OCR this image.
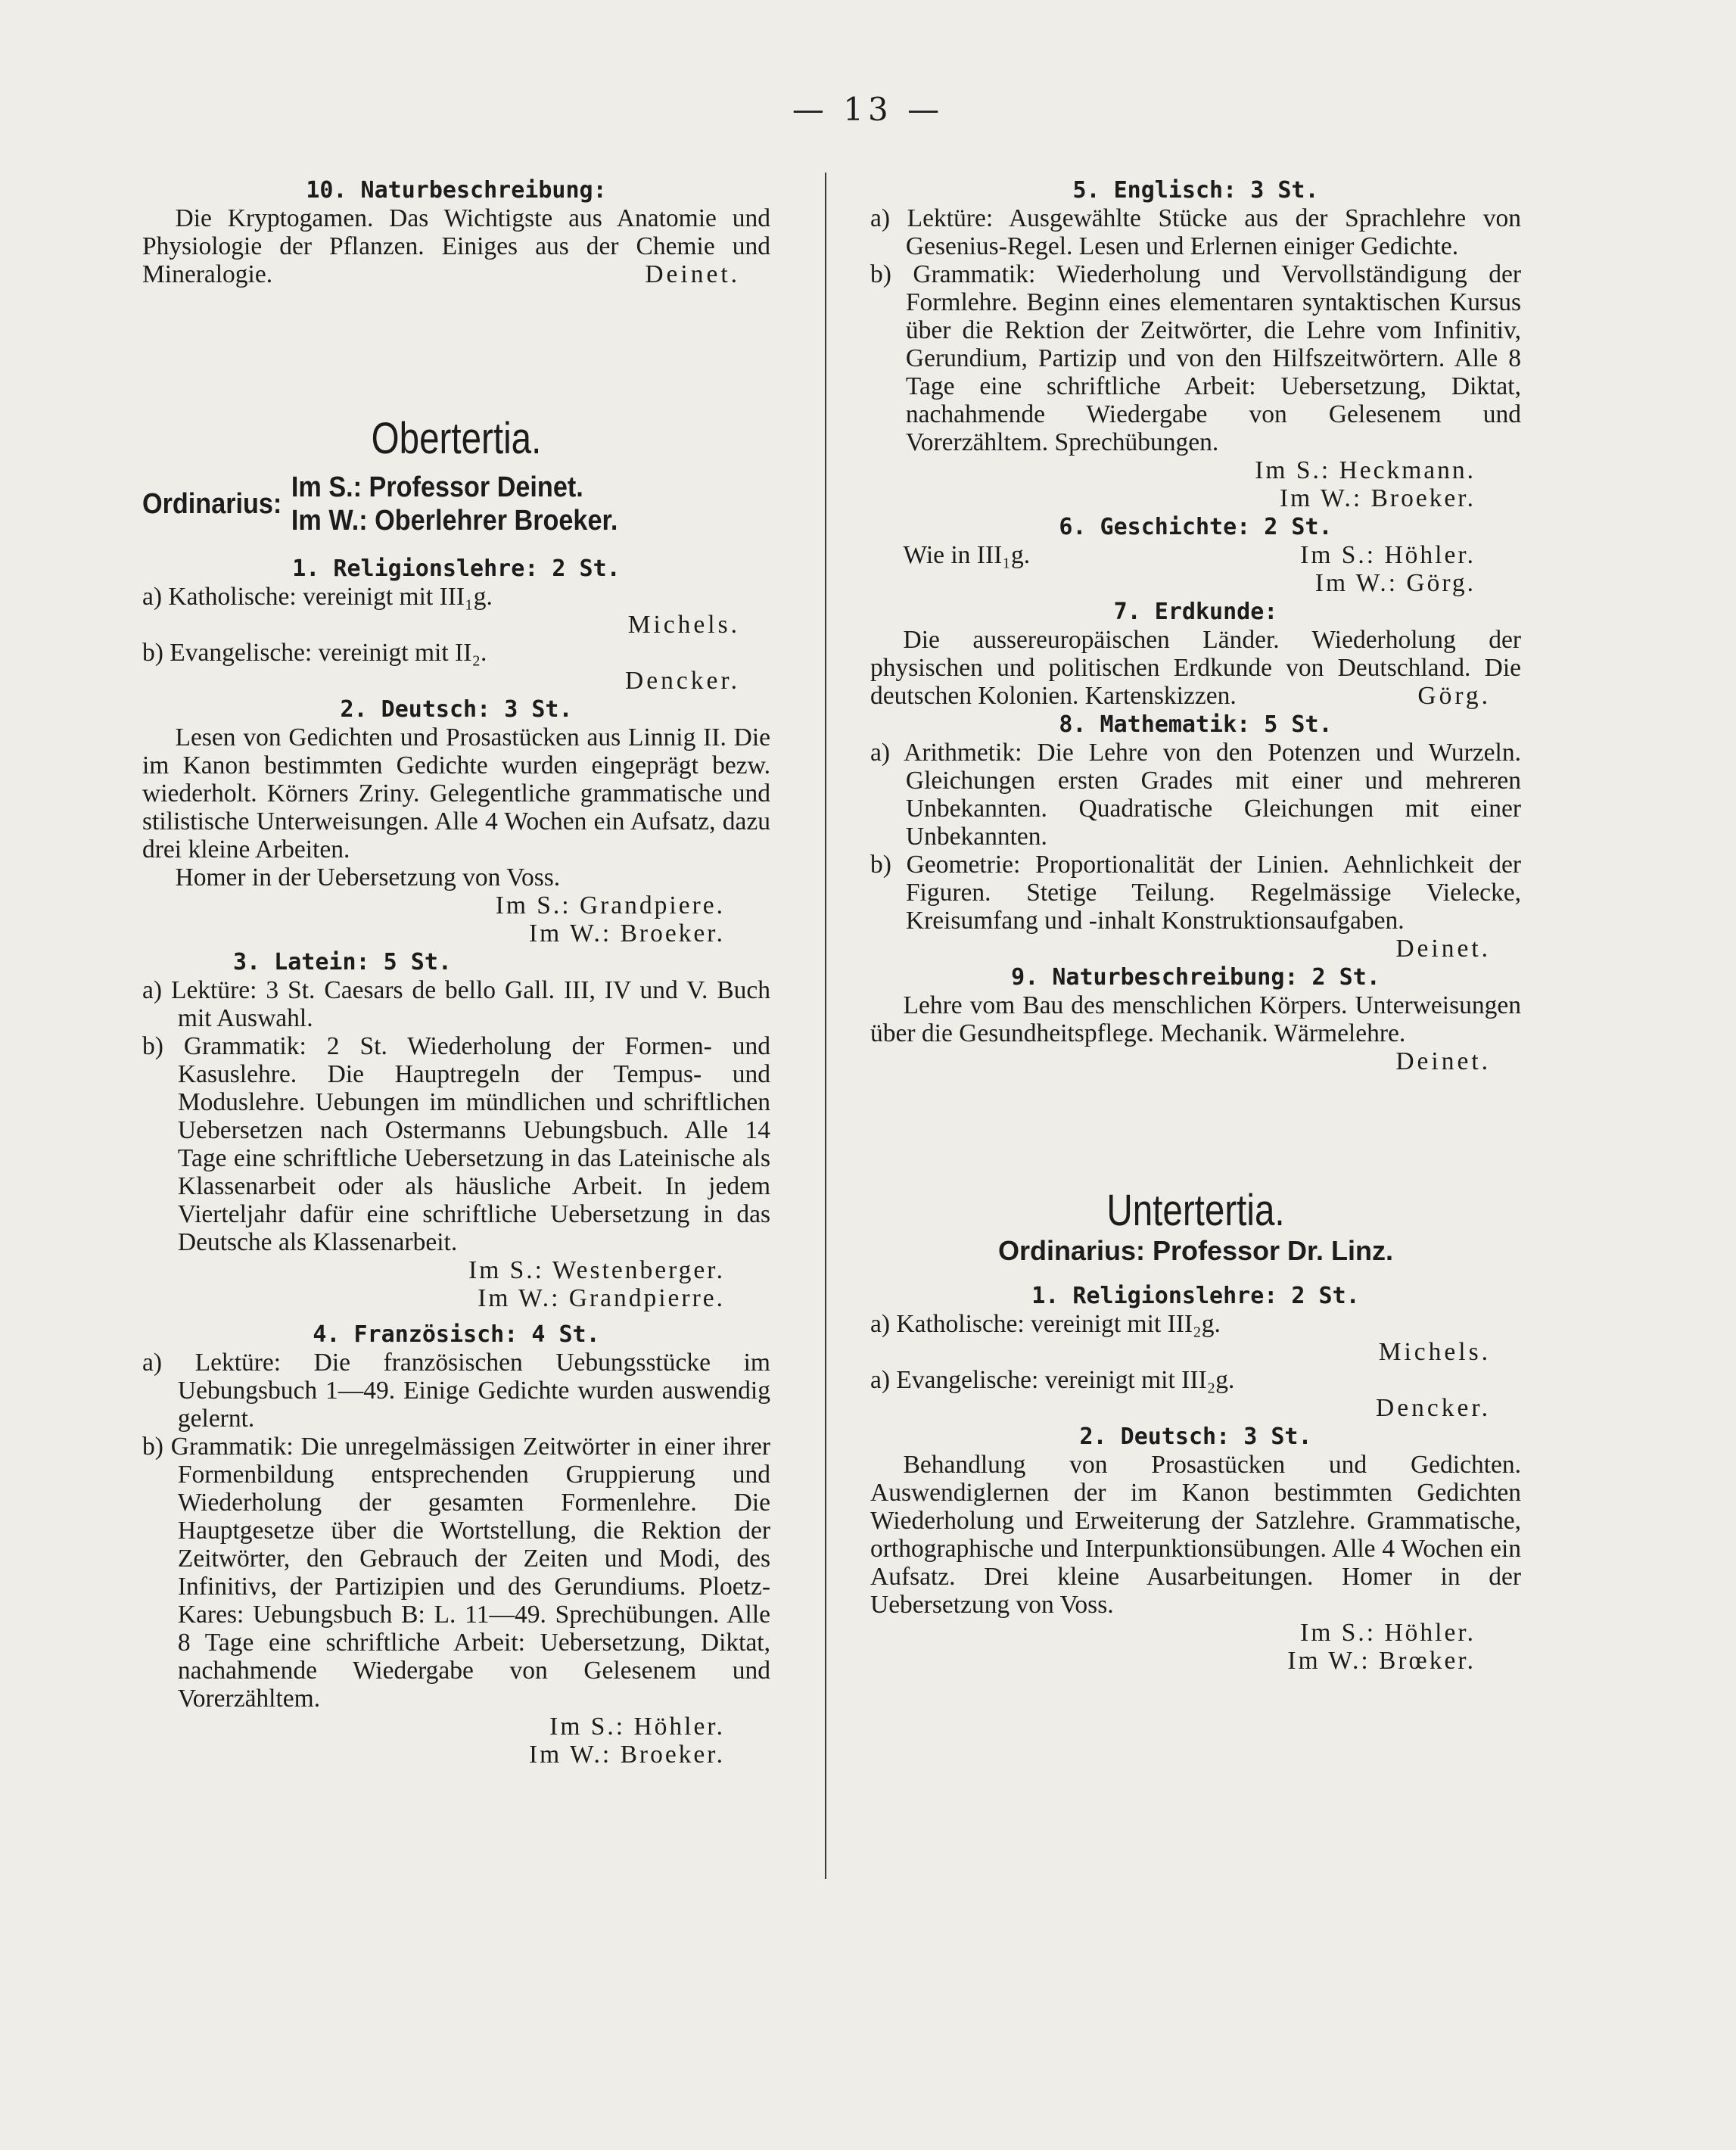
— 13 —

10. Naturbeschreibung:

Die Kryptogamen. Das Wichtigste aus Anatomie und Physiologie der Pflanzen. Einiges aus der Chemie und Mineralogie.	Deinet.

Obertertia.

Ordinarius:
Im S.: Professor Deinet.
Im W.: Oberlehrer Broeker.

1. Religionslehre: 2 St.

a) Katholische: vereinigt mit III₁g.

Michels.

b) Evangelische: vereinigt mit II₂.

Dencker.

2. Deutsch: 3 St.

Lesen von Gedichten und Prosastücken aus Linnig II. Die im Kanon bestimmten Gedichte wurden eingeprägt bezw. wiederholt. Körners Zriny. Gelegentliche grammatische und stilistische Unterweisungen. Alle 4 Wochen ein Aufsatz, dazu drei kleine Arbeiten.

Homer in der Uebersetzung von Voss.

Im S.: Grandpiere.

Im W.: Broeker.

3. Latein: 5 St.

a) Lektüre: 3 St. Caesars de bello Gall. III, IV und V. Buch mit Auswahl.

b) Grammatik: 2 St. Wiederholung der Formen- und Kasuslehre. Die Hauptregeln der Tempus- und Moduslehre. Uebungen im mündlichen und schriftlichen Uebersetzen nach Ostermanns Uebungsbuch. Alle 14 Tage eine schriftliche Uebersetzung in das Lateinische als Klassenarbeit oder als häusliche Arbeit. In jedem Vierteljahr dafür eine schriftliche Uebersetzung in das Deutsche als Klassenarbeit.

Im S.: Westenberger.

Im W.: Grandpierre.

4. Französisch: 4 St.

a) Lektüre: Die französischen Uebungsstücke im Uebungsbuch 1—49. Einige Gedichte wurden auswendig gelernt.

b) Grammatik: Die unregelmässigen Zeitwörter in einer ihrer Formenbildung entsprechenden Gruppierung und Wiederholung der gesamten Formenlehre. Die Hauptgesetze über die Wortstellung, die Rektion der Zeitwörter, den Gebrauch der Zeiten und Modi, des Infinitivs, der Partizipien und des Gerundiums. Ploetz-Kares: Uebungsbuch B: L. 11—49. Sprechübungen. Alle 8 Tage eine schriftliche Arbeit: Uebersetzung, Diktat, nachahmende Wiedergabe von Gelesenem und Vorerzähltem.

Im S.: Höhler.

Im W.: Broeker.

5. Englisch: 3 St.

a) Lektüre: Ausgewählte Stücke aus der Sprachlehre von Gesenius-Regel. Lesen und Erlernen einiger Gedichte.

b) Grammatik: Wiederholung und Vervollständigung der Formlehre. Beginn eines elementaren syntaktischen Kursus über die Rektion der Zeitwörter, die Lehre vom Infinitiv, Gerundium, Partizip und von den Hilfszeitwörtern. Alle 8 Tage eine schriftliche Arbeit: Uebersetzung, Diktat, nachahmende Wiedergabe von Gelesenem und Vorerzähltem. Sprechübungen.

Im S.: Heckmann.

Im W.: Broeker.

6. Geschichte: 2 St.

Wie in III₁g.	Im S.: Höhler.

Im W.: Görg.

7. Erdkunde:

Die aussereuropäischen Länder. Wiederholung der physischen und politischen Erdkunde von Deutschland. Die deutschen Kolonien. Kartenskizzen.	Görg.

8. Mathematik: 5 St.

a) Arithmetik: Die Lehre von den Potenzen und Wurzeln. Gleichungen ersten Grades mit einer und mehreren Unbekannten. Quadratische Gleichungen mit einer Unbekannten.

b) Geometrie: Proportionalität der Linien. Aehnlichkeit der Figuren. Stetige Teilung. Regelmässige Vielecke, Kreisumfang und -inhalt Konstruktionsaufgaben.

Deinet.

9. Naturbeschreibung: 2 St.

Lehre vom Bau des menschlichen Körpers. Unterweisungen über die Gesundheitspflege. Mechanik. Wärmelehre.

Deinet.

Untertertia.

Ordinarius: Professor Dr. Linz.

1. Religionslehre: 2 St.

a) Katholische: vereinigt mit III₂g.

Michels.

a) Evangelische: vereinigt mit III₂g.

Dencker.

2. Deutsch: 3 St.

Behandlung von Prosastücken und Gedichten. Auswendiglernen der im Kanon bestimmten Gedichten Wiederholung und Erweiterung der Satzlehre. Grammatische, orthographische und Interpunktionsübungen. Alle 4 Wochen ein Aufsatz. Drei kleine Ausarbeitungen. Homer in der Uebersetzung von Voss.

Im S.: Höhler.

Im W.: Brœker.
